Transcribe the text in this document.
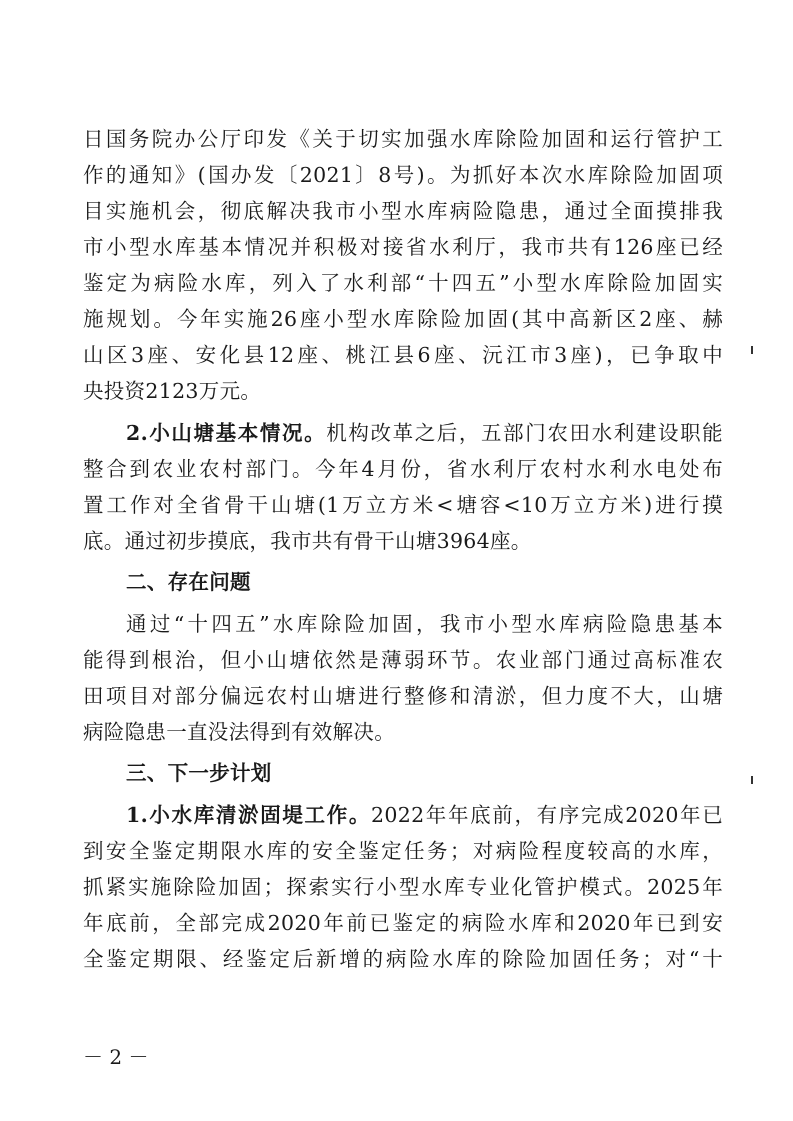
日国务院办公厅印发《关于切实加强水库除险加固和运行管护工
作的通知》(国办发〔2021〕8号)。为抓好本次水库除险加固项
目实施机会，彻底解决我市小型水库病险隐患，通过全面摸排我
市小型水库基本情况并积极对接省水利厅，我市共有126座已经
鉴定为病险水库，列入了水利部“十四五”小型水库除险加固实
施规划。今年实施26座小型水库除险加固(其中高新区2座、赫
山区3座、安化县12座、桃江县6座、沅江市3座)，已争取中
央投资2123万元。
2.小山塘基本情况。机构改革之后，五部门农田水利建设职能
整合到农业农村部门。今年4月份，省水利厅农村水利水电处布
置工作对全省骨干山塘(1万立方米<塘容<10万立方米)进行摸
底。通过初步摸底，我市共有骨干山塘3964座。
二、存在问题
通过“十四五”水库除险加固，我市小型水库病险隐患基本
能得到根治，但小山塘依然是薄弱环节。农业部门通过高标准农
田项目对部分偏远农村山塘进行整修和清淤，但力度不大，山塘
病险隐患一直没法得到有效解决。
三、下一步计划
1.小水库清淤固堤工作。2022年年底前，有序完成2020年已
到安全鉴定期限水库的安全鉴定任务；对病险程度较高的水库，
抓紧实施除险加固；探索实行小型水库专业化管护模式。2025年
年底前，全部完成2020年前已鉴定的病险水库和2020年已到安
全鉴定期限、经鉴定后新增的病险水库的除险加固任务；对“十
－ 2 －
